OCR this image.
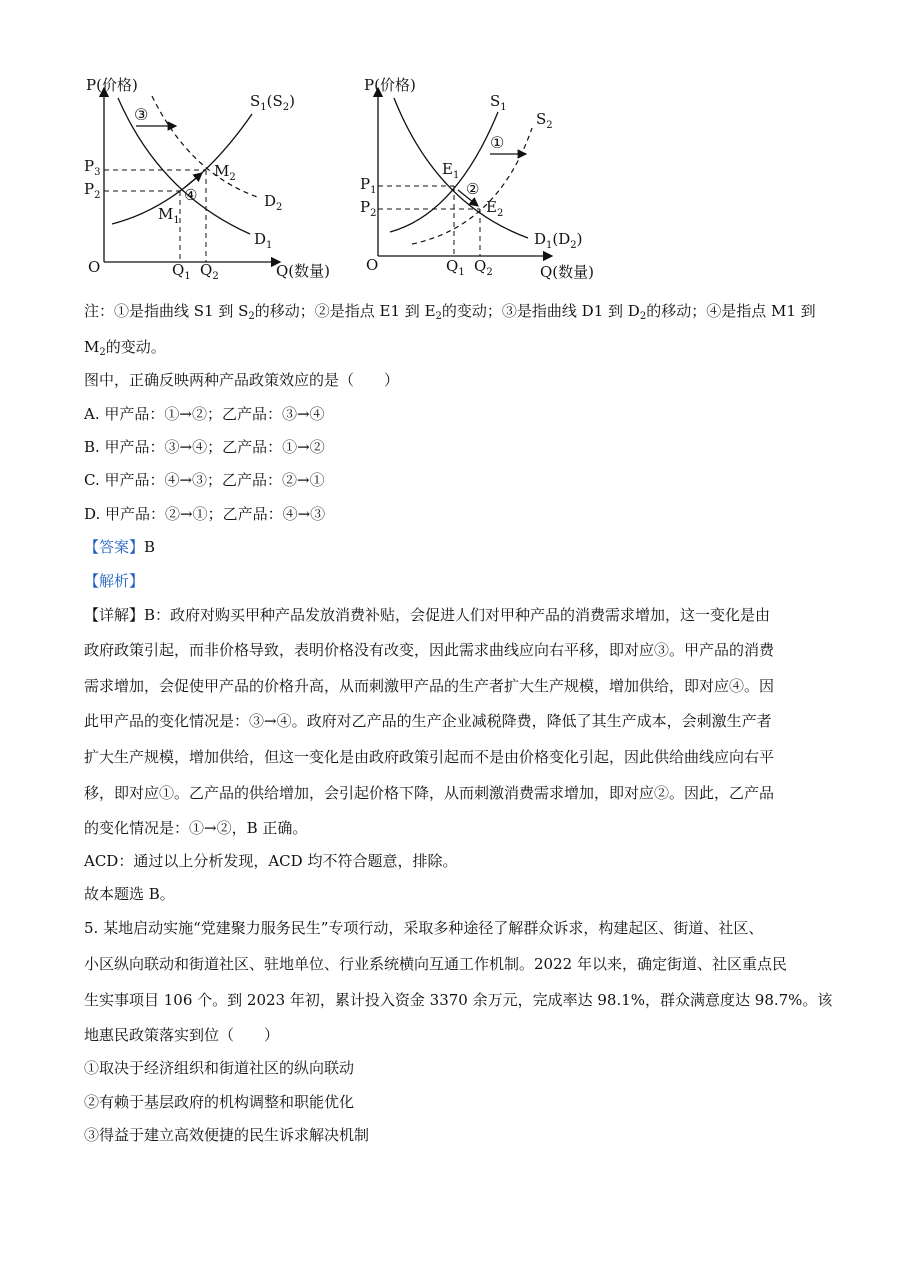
P(价格)
Q(数量)
O
$S_1(S_2)$
$D_1$
$D_2$
$P_3$
$P_2$
$Q_1$ $Q_2$
$M_1$
$M_2$
③
④
P(价格)
Q(数量)
O
$S_1$
$S_2$
$D_1(D_2)$
$P_1$
$P_2$
$Q_1$ $Q_2$
$E_1$
$E_2$
①
②
注：①是指曲线 S1 到 $S_2$的移动；②是指点 E1 到 $E_2$的变动；③是指曲线 D1 到 $D_2$的移动；④是指点 M1 到
$M_2$的变动。
图中，正确反映两种产品政策效应的是（　　）
A. 甲产品：①→②；乙产品：③→④
B. 甲产品：③→④；乙产品：①→②
C. 甲产品：④→③；乙产品：②→①
D. 甲产品：②→①；乙产品：④→③
【答案】B
【解析】
【详解】B：政府对购买甲种产品发放消费补贴，会促进人们对甲种产品的消费需求增加，这一变化是由
政府政策引起，而非价格导致，表明价格没有改变，因此需求曲线应向右平移，即对应③。甲产品的消费
需求增加，会促使甲产品的价格升高，从而刺激甲产品的生产者扩大生产规模，增加供给，即对应④。因
此甲产品的变化情况是：③→④。政府对乙产品的生产企业减税降费，降低了其生产成本，会刺激生产者
扩大生产规模，增加供给，但这一变化是由政府政策引起而不是由价格变化引起，因此供给曲线应向右平
移，即对应①。乙产品的供给增加，会引起价格下降，从而刺激消费需求增加，即对应②。因此，乙产品
的变化情况是：①→②，B 正确。
ACD：通过以上分析发现，ACD 均不符合题意，排除。
故本题选 B。
5. 某地启动实施“党建聚力服务民生”专项行动，采取多种途径了解群众诉求，构建起区、街道、社区、
小区纵向联动和街道社区、驻地单位、行业系统横向互通工作机制。2022 年以来，确定街道、社区重点民
生实事项目 106 个。到 2023 年初，累计投入资金 3370 余万元，完成率达 98.1%，群众满意度达 98.7%。该
地惠民政策落实到位（　　）
①取决于经济组织和街道社区的纵向联动
②有赖于基层政府的机构调整和职能优化
③得益于建立高效便捷的民生诉求解决机制
